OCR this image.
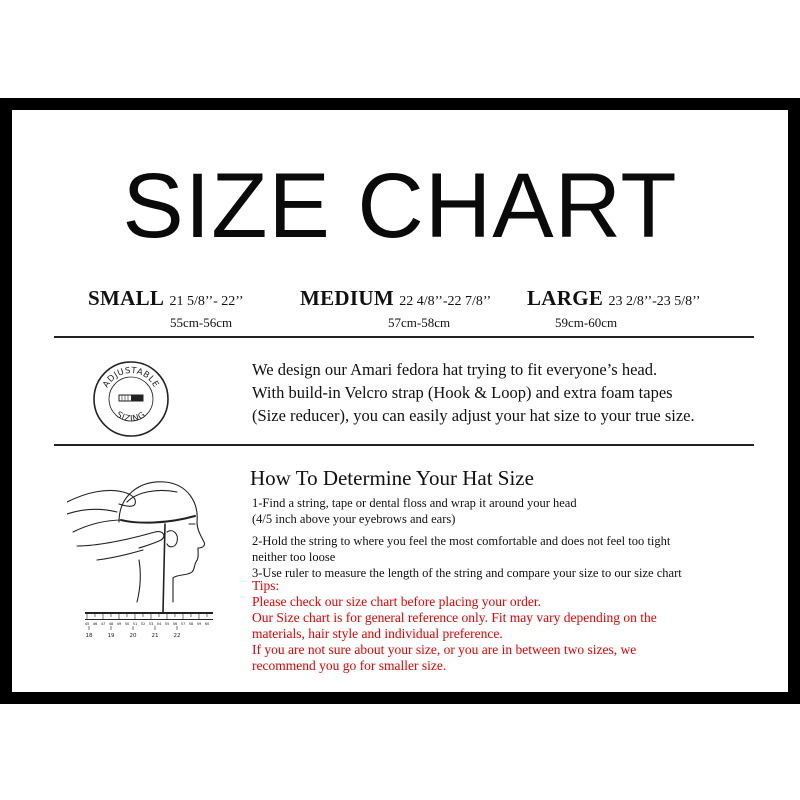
SIZE CHART
SMALL 21 5/8’’- 22’’
55cm-56cm
MEDIUM 22 4/8’’-22 7/8’’
57cm-58cm
LARGE 23 2/8’’-23 5/8’’
59cm-60cm
ADJUSTABLE
SIZING

We design our Amari fedora hat trying to fit everyone’s head.

With build-in Velcro strap (Hook & Loop) and extra foam tapes

(Size reducer), you can easily adjust your hat size to your true size.

45 46 47 48 49 50 51 52 53 54 55 56 57 58 59 60
18	19	20	21	22
How To Determine Your Hat Size

1-Find a string, tape or dental floss and wrap it around your head

(4/5 inch above your eyebrows and ears)

2-Hold the string to where you feel the most comfortable and does not feel too tight

neither too loose

3-Use ruler to measure the length of the string and compare your size to our size chart

Tips:

Please check our size chart before placing your order.

Our Size chart is for general reference only. Fit may vary depending on the

materials, hair style and individual preference.

If you are not sure about your size, or you are in between two sizes, we

recommend you go for smaller size.
